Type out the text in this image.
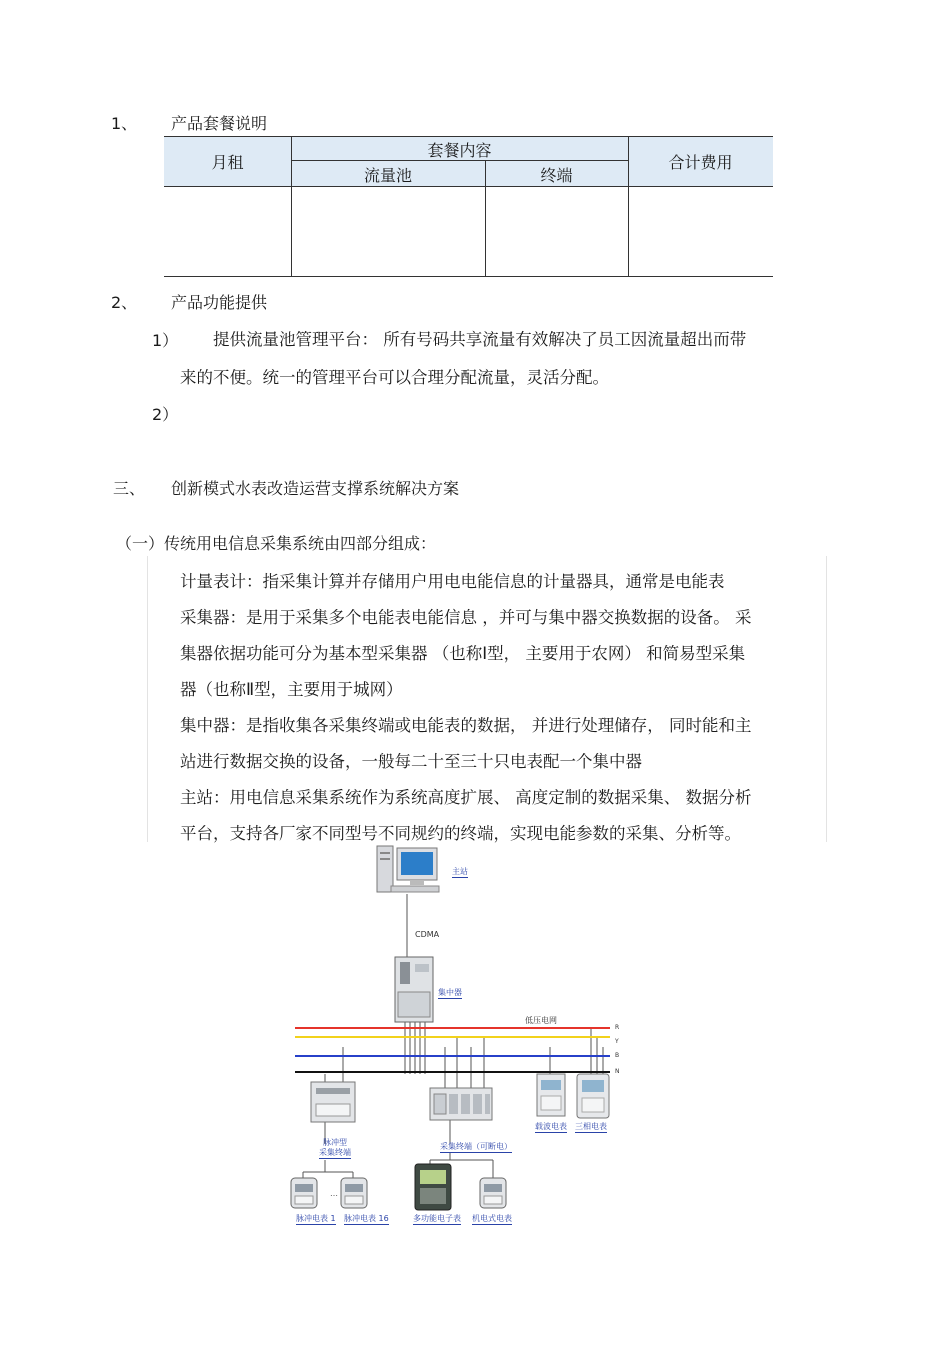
1、 产品套餐说明
月租
套餐内容
流量池	终端
合计费用
2、 产品功能提供
1） 提供流量池管理平台： 所有号码共享流量有效解决了员工因流量超出而带
来的不便。统一的管理平台可以合理分配流量，灵活分配。
2）
三、 创新模式水表改造运营支撑系统解决方案
（一）传统用电信息采集系统由四部分组成：
计量表计：指采集计算并存储用户用电电能信息的计量器具，通常是电能表
采集器：是用于采集多个电能表电能信息 ，并可与集中器交换数据的设备。 采
集器依据功能可分为基本型采集器 （也称Ⅰ型， 主要用于农网） 和简易型采集
器（也称Ⅱ型，主要用于城网）
集中器：是指收集各采集终端或电能表的数据， 并进行处理储存， 同时能和主
站进行数据交换的设备，一般每二十至三十只电表配一个集中器
主站：用电信息采集系统作为系统高度扩展、 高度定制的数据采集、 数据分析
平台，支持各厂家不同型号不同规约的终端，实现电能参数的采集、分析等。
…
主站
CDMA
集中器
低压电网
R
Y
B
N
脉冲型
采集终端
采集终端（可断电）
载波电表 三相电表
脉冲电表 1 脉冲电表 16	多功能电子表 机电式电表
